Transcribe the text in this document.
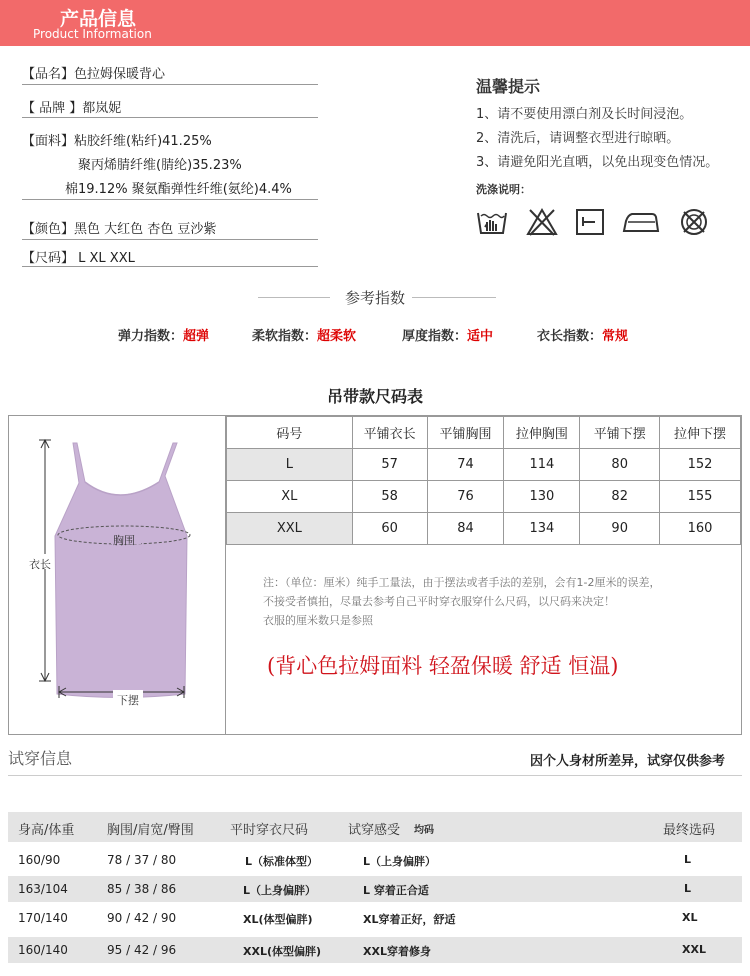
产品信息
Product Information
【品名】色拉姆保暖背心
【 品牌 】都岚妮
【面料】粘胶纤维(粘纤)41.25%
聚丙烯腈纤维(腈纶)35.23%
棉19.12% 聚氨酯弹性纤维(氨纶)4.4%
【颜色】黑色 大红色 杏色 豆沙紫
【尺码】 L XL XXL
温馨提示
1、请不要使用漂白剂及长时间浸泡。
2、清洗后，请调整衣型进行晾晒。
3、请避免阳光直晒，以免出现变色情况。
洗涤说明：
参考指数
弹力指数：超弹	柔软指数：超柔软	厚度指数：适中	衣长指数：常规
吊带款尺码表
胸围
衣长
下摆
码号	平铺衣长	平铺胸围	拉伸胸围	平铺下摆	拉伸下摆
L	57	74	114	80	152
XL	58	76	130	82	155
XXL	60	84	134	90	160
注：（单位：厘米）纯手工量法，由于摆法或者手法的差别，会有1-2厘米的误差，
不接受者慎拍，尽量去参考自己平时穿衣服穿什么尺码，以尺码来决定！
衣服的厘米数只是参照
(背心色拉姆面料 轻盈保暖 舒适 恒温)
试穿信息	因个人身材所差异，试穿仅供参考
身高/体重	胸围/肩宽/臀围	平时穿衣尺码	试穿感受 均码	最终选码
160/90	78 / 37 / 80	L（标准体型）	L（上身偏胖）	L
163/104	85 / 38 / 86	L（上身偏胖）	L 穿着正合适	L
170/140	90 / 42 / 90	XL(体型偏胖)	XL穿着正好，舒适	XL
160/140	95 / 42 / 96	XXL(体型偏胖)	XXL穿着修身	XXL
